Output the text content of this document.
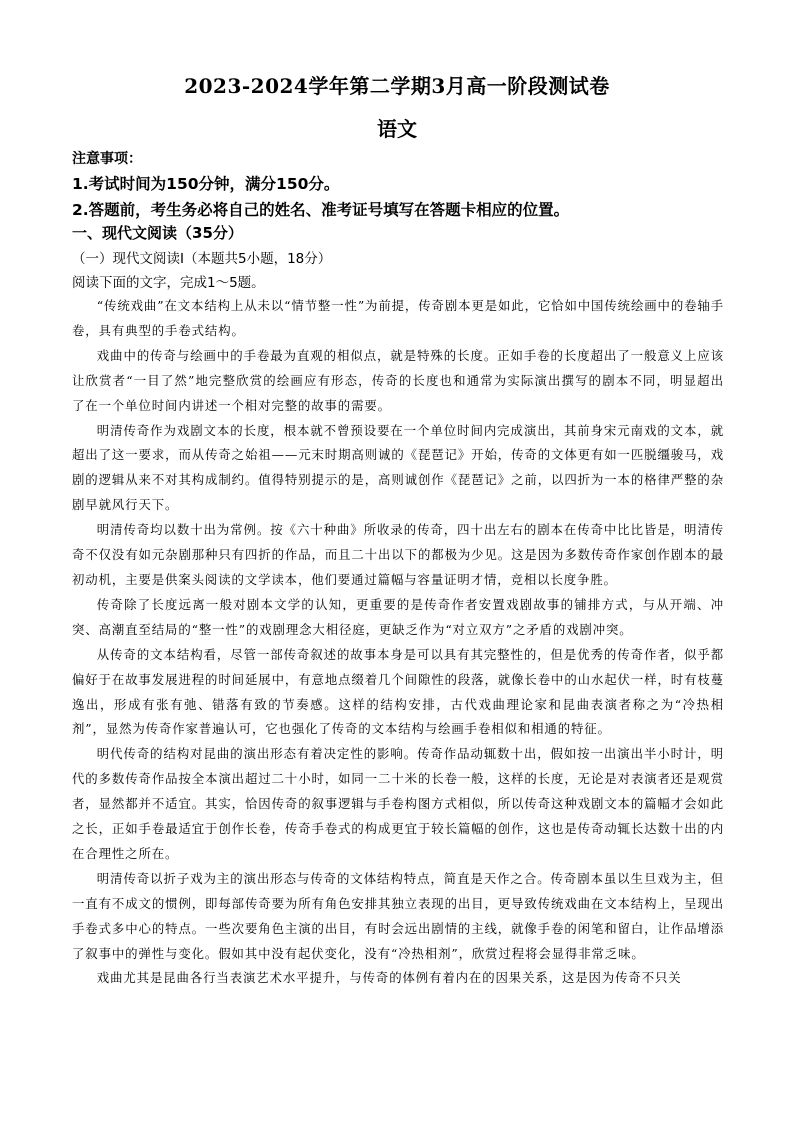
2023-2024学年第二学期3月高一阶段测试卷
语文
注意事项：
1.考试时间为150分钟，满分150分。
2.答题前，考生务必将自己的姓名、准考证号填写在答题卡相应的位置。
一、现代文阅读（35分）
（一）现代文阅读Ⅰ（本题共5小题，18分）
阅读下面的文字，完成1～5题。

“传统戏曲”在文本结构上从未以“情节整一性”为前提，传奇剧本更是如此，它恰如中国传统绘画中的卷轴手卷，具有典型的手卷式结构。

戏曲中的传奇与绘画中的手卷最为直观的相似点，就是特殊的长度。正如手卷的长度超出了一般意义上应该让欣赏者“一目了然”地完整欣赏的绘画应有形态，传奇的长度也和通常为实际演出撰写的剧本不同，明显超出了在一个单位时间内讲述一个相对完整的故事的需要。

明清传奇作为戏剧文本的长度，根本就不曾预设要在一个单位时间内完成演出，其前身宋元南戏的文本，就超出了这一要求，而从传奇之始祖——元末时期高则诚的《琵琶记》开始，传奇的文体更有如一匹脱缰骏马，戏剧的逻辑从来不对其构成制约。值得特别提示的是，高则诚创作《琵琶记》之前，以四折为一本的格律严整的杂剧早就风行天下。

明清传奇均以数十出为常例。按《六十种曲》所收录的传奇，四十出左右的剧本在传奇中比比皆是，明清传奇不仅没有如元杂剧那种只有四折的作品，而且二十出以下的都极为少见。这是因为多数传奇作家创作剧本的最初动机，主要是供案头阅读的文学读本，他们要通过篇幅与容量证明才情，竞相以长度争胜。

传奇除了长度远离一般对剧本文学的认知，更重要的是传奇作者安置戏剧故事的铺排方式，与从开端、冲突、高潮直至结局的“整一性”的戏剧理念大相径庭，更缺乏作为“对立双方”之矛盾的戏剧冲突。

从传奇的文本结构看，尽管一部传奇叙述的故事本身是可以具有其完整性的，但是优秀的传奇作者，似乎都偏好于在故事发展进程的时间延展中，有意地点缀着几个间隙性的段落，就像长卷中的山水起伏一样，时有枝蔓逸出，形成有张有弛、错落有致的节奏感。这样的结构安排，古代戏曲理论家和昆曲表演者称之为“冷热相剂”，显然为传奇作家普遍认可，它也强化了传奇的文本结构与绘画手卷相似和相通的特征。

明代传奇的结构对昆曲的演出形态有着决定性的影响。传奇作品动辄数十出，假如按一出演出半小时计，明代的多数传奇作品按全本演出超过二十小时，如同一二十米的长卷一般，这样的长度，无论是对表演者还是观赏者，显然都并不适宜。其实，恰因传奇的叙事逻辑与手卷构图方式相似，所以传奇这种戏剧文本的篇幅才会如此之长，正如手卷最适宜于创作长卷，传奇手卷式的构成更宜于较长篇幅的创作，这也是传奇动辄长达数十出的内在合理性之所在。

明清传奇以折子戏为主的演出形态与传奇的文体结构特点，简直是天作之合。传奇剧本虽以生旦戏为主，但一直有不成文的惯例，即每部传奇要为所有角色安排其独立表现的出目，更导致传统戏曲在文本结构上，呈现出手卷式多中心的特点。一些次要角色主演的出目，有时会远出剧情的主线，就像手卷的闲笔和留白，让作品增添了叙事中的弹性与变化。假如其中没有起伏变化，没有“冷热相剂”，欣赏过程将会显得非常乏味。

戏曲尤其是昆曲各行当表演艺术水平提升，与传奇的体例有着内在的因果关系，这是因为传奇不只关
